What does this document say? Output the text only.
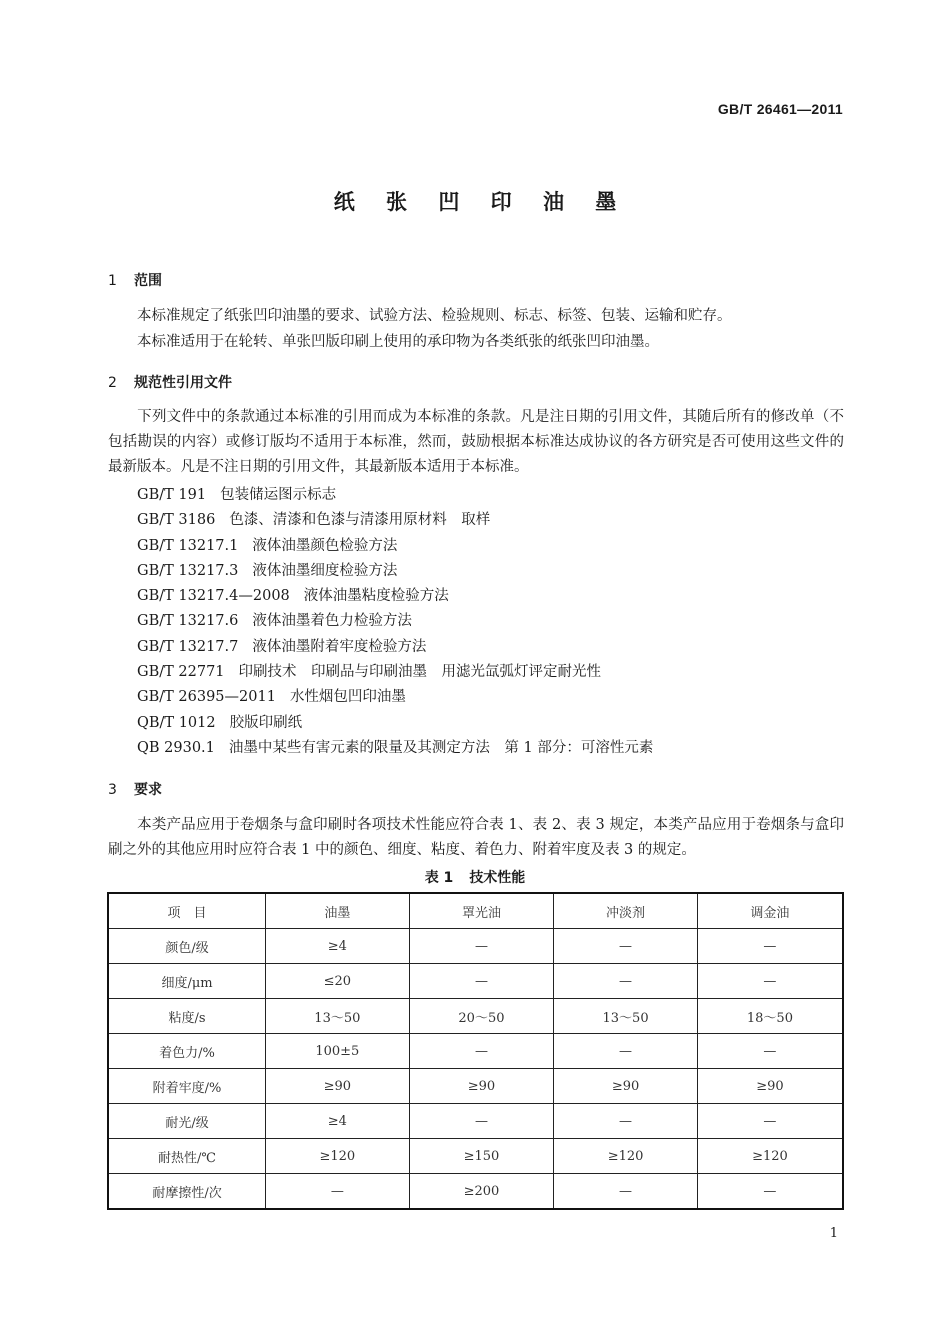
GB/T 26461—2011
纸 张 凹 印 油 墨
1 范围
本标准规定了纸张凹印油墨的要求、试验方法、检验规则、标志、标签、包装、运输和贮存。
本标准适用于在轮转、单张凹版印刷上使用的承印物为各类纸张的纸张凹印油墨。
2 规范性引用文件
下列文件中的条款通过本标准的引用而成为本标准的条款。凡是注日期的引用文件，其随后所有的修改单（不包括勘误的内容）或修订版均不适用于本标准，然而，鼓励根据本标准达成协议的各方研究是否可使用这些文件的最新版本。凡是不注日期的引用文件，其最新版本适用于本标准。
GB/T 191 包装储运图示标志
GB/T 3186 色漆、清漆和色漆与清漆用原材料　取样
GB/T 13217.1 液体油墨颜色检验方法
GB/T 13217.3 液体油墨细度检验方法
GB/T 13217.4—2008 液体油墨粘度检验方法
GB/T 13217.6 液体油墨着色力检验方法
GB/T 13217.7 液体油墨附着牢度检验方法
GB/T 22771 印刷技术　印刷品与印刷油墨　用滤光氙弧灯评定耐光性
GB/T 26395—2011 水性烟包凹印油墨
QB/T 1012 胶版印刷纸
QB 2930.1 油墨中某些有害元素的限量及其测定方法　第 1 部分：可溶性元素
3 要求
本类产品应用于卷烟条与盒印刷时各项技术性能应符合表 1、表 2、表 3 规定，本类产品应用于卷烟条与盒印刷之外的其他应用时应符合表 1 中的颜色、细度、粘度、着色力、附着牢度及表 3 的规定。
表 1 技术性能
项　目	油墨	罩光油	冲淡剂	调金油
颜色/级	≥4	—	—	—
细度/μm	≤20	—	—	—
粘度/s	13～50	20～50	13～50	18～50
着色力/%	100±5	—	—	—
附着牢度/%	≥90	≥90	≥90	≥90
耐光/级	≥4	—	—	—
耐热性/℃	≥120	≥150	≥120	≥120
耐摩擦性/次	—	≥200	—	—
1
